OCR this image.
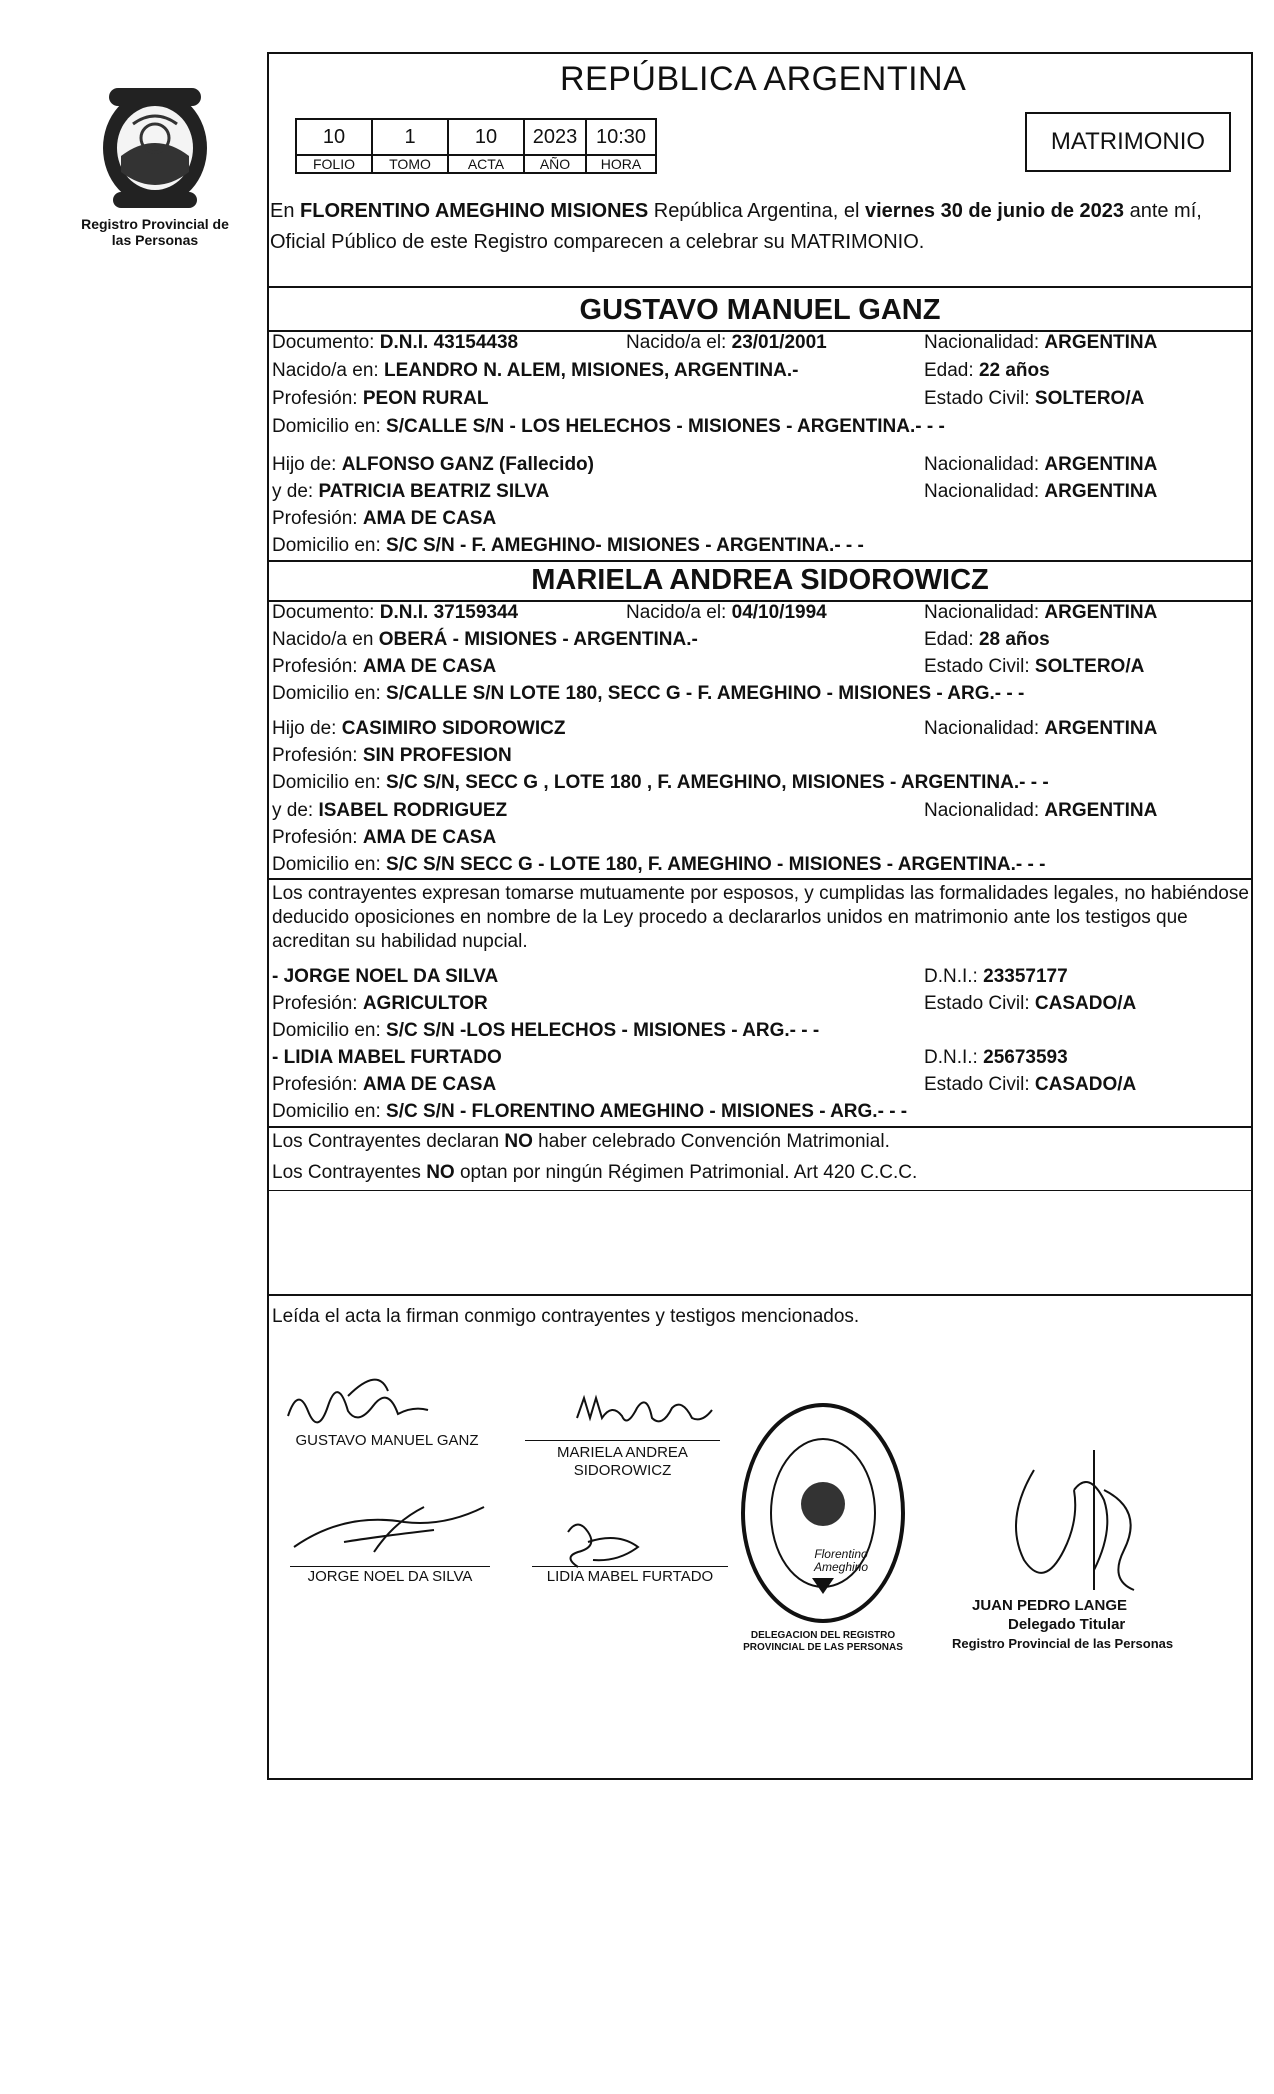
Registro Provincial de las Personas
REPÚBLICA ARGENTINA
10	1	10	2023	10:30
FOLIO	TOMO	ACTA	AÑO	HORA
MATRIMONIO
En FLORENTINO AMEGHINO MISIONES República Argentina, el viernes 30 de junio de 2023 ante mí, Oficial Público de este Registro comparecen a celebrar su MATRIMONIO.
GUSTAVO MANUEL GANZ
Documento: D.N.I. 43154438	Nacido/a el: 23/01/2001	Nacionalidad: ARGENTINA
Nacido/a en: LEANDRO N. ALEM, MISIONES, ARGENTINA.-	Edad: 22 años
Profesión: PEON RURAL	Estado Civil: SOLTERO/A
Domicilio en: S/CALLE S/N - LOS HELECHOS - MISIONES - ARGENTINA.- - -
Hijo de: ALFONSO GANZ (Fallecido)	Nacionalidad: ARGENTINA
y de: PATRICIA BEATRIZ SILVA	Nacionalidad: ARGENTINA
Profesión: AMA DE CASA
Domicilio en: S/C S/N - F. AMEGHINO- MISIONES - ARGENTINA.- - -
MARIELA ANDREA SIDOROWICZ
Documento: D.N.I. 37159344	Nacido/a el: 04/10/1994	Nacionalidad: ARGENTINA
Nacido/a en OBERÁ - MISIONES - ARGENTINA.-	Edad: 28 años
Profesión: AMA DE CASA	Estado Civil: SOLTERO/A
Domicilio en: S/CALLE S/N LOTE 180, SECC G - F. AMEGHINO - MISIONES - ARG.- - -
Hijo de: CASIMIRO SIDOROWICZ	Nacionalidad: ARGENTINA
Profesión: SIN PROFESION
Domicilio en: S/C S/N, SECC G , LOTE 180 , F. AMEGHINO, MISIONES - ARGENTINA.- - -
y de: ISABEL RODRIGUEZ	Nacionalidad: ARGENTINA
Profesión: AMA DE CASA
Domicilio en: S/C S/N SECC G - LOTE 180, F. AMEGHINO - MISIONES - ARGENTINA.- - -
Los contrayentes expresan tomarse mutuamente por esposos, y cumplidas las formalidades legales, no habiéndose deducido oposiciones en nombre de la Ley procedo a declararlos unidos en matrimonio ante los testigos que acreditan su habilidad nupcial.
- JORGE NOEL DA SILVA	D.N.I.: 23357177
Profesión: AGRICULTOR	Estado Civil: CASADO/A
Domicilio en: S/C S/N -LOS HELECHOS - MISIONES - ARG.- - -
- LIDIA MABEL FURTADO	D.N.I.: 25673593
Profesión: AMA DE CASA	Estado Civil: CASADO/A
Domicilio en: S/C S/N - FLORENTINO AMEGHINO - MISIONES - ARG.- - -
Los Contrayentes declaran NO haber celebrado Convención Matrimonial.
Los Contrayentes NO optan por ningún Régimen Patrimonial. Art 420 C.C.C.
Leída el acta la firman conmigo contrayentes y testigos mencionados.
GUSTAVO MANUEL GANZ
MARIELA ANDREA
SIDOROWICZ
JORGE NOEL DA SILVA	LIDIA MABEL FURTADO
Florentino Ameghino
DELEGACION DEL REGISTRO PROVINCIAL DE LAS PERSONAS
JUAN PEDRO LANGE
Delegado Titular
Registro Provincial de las Personas
